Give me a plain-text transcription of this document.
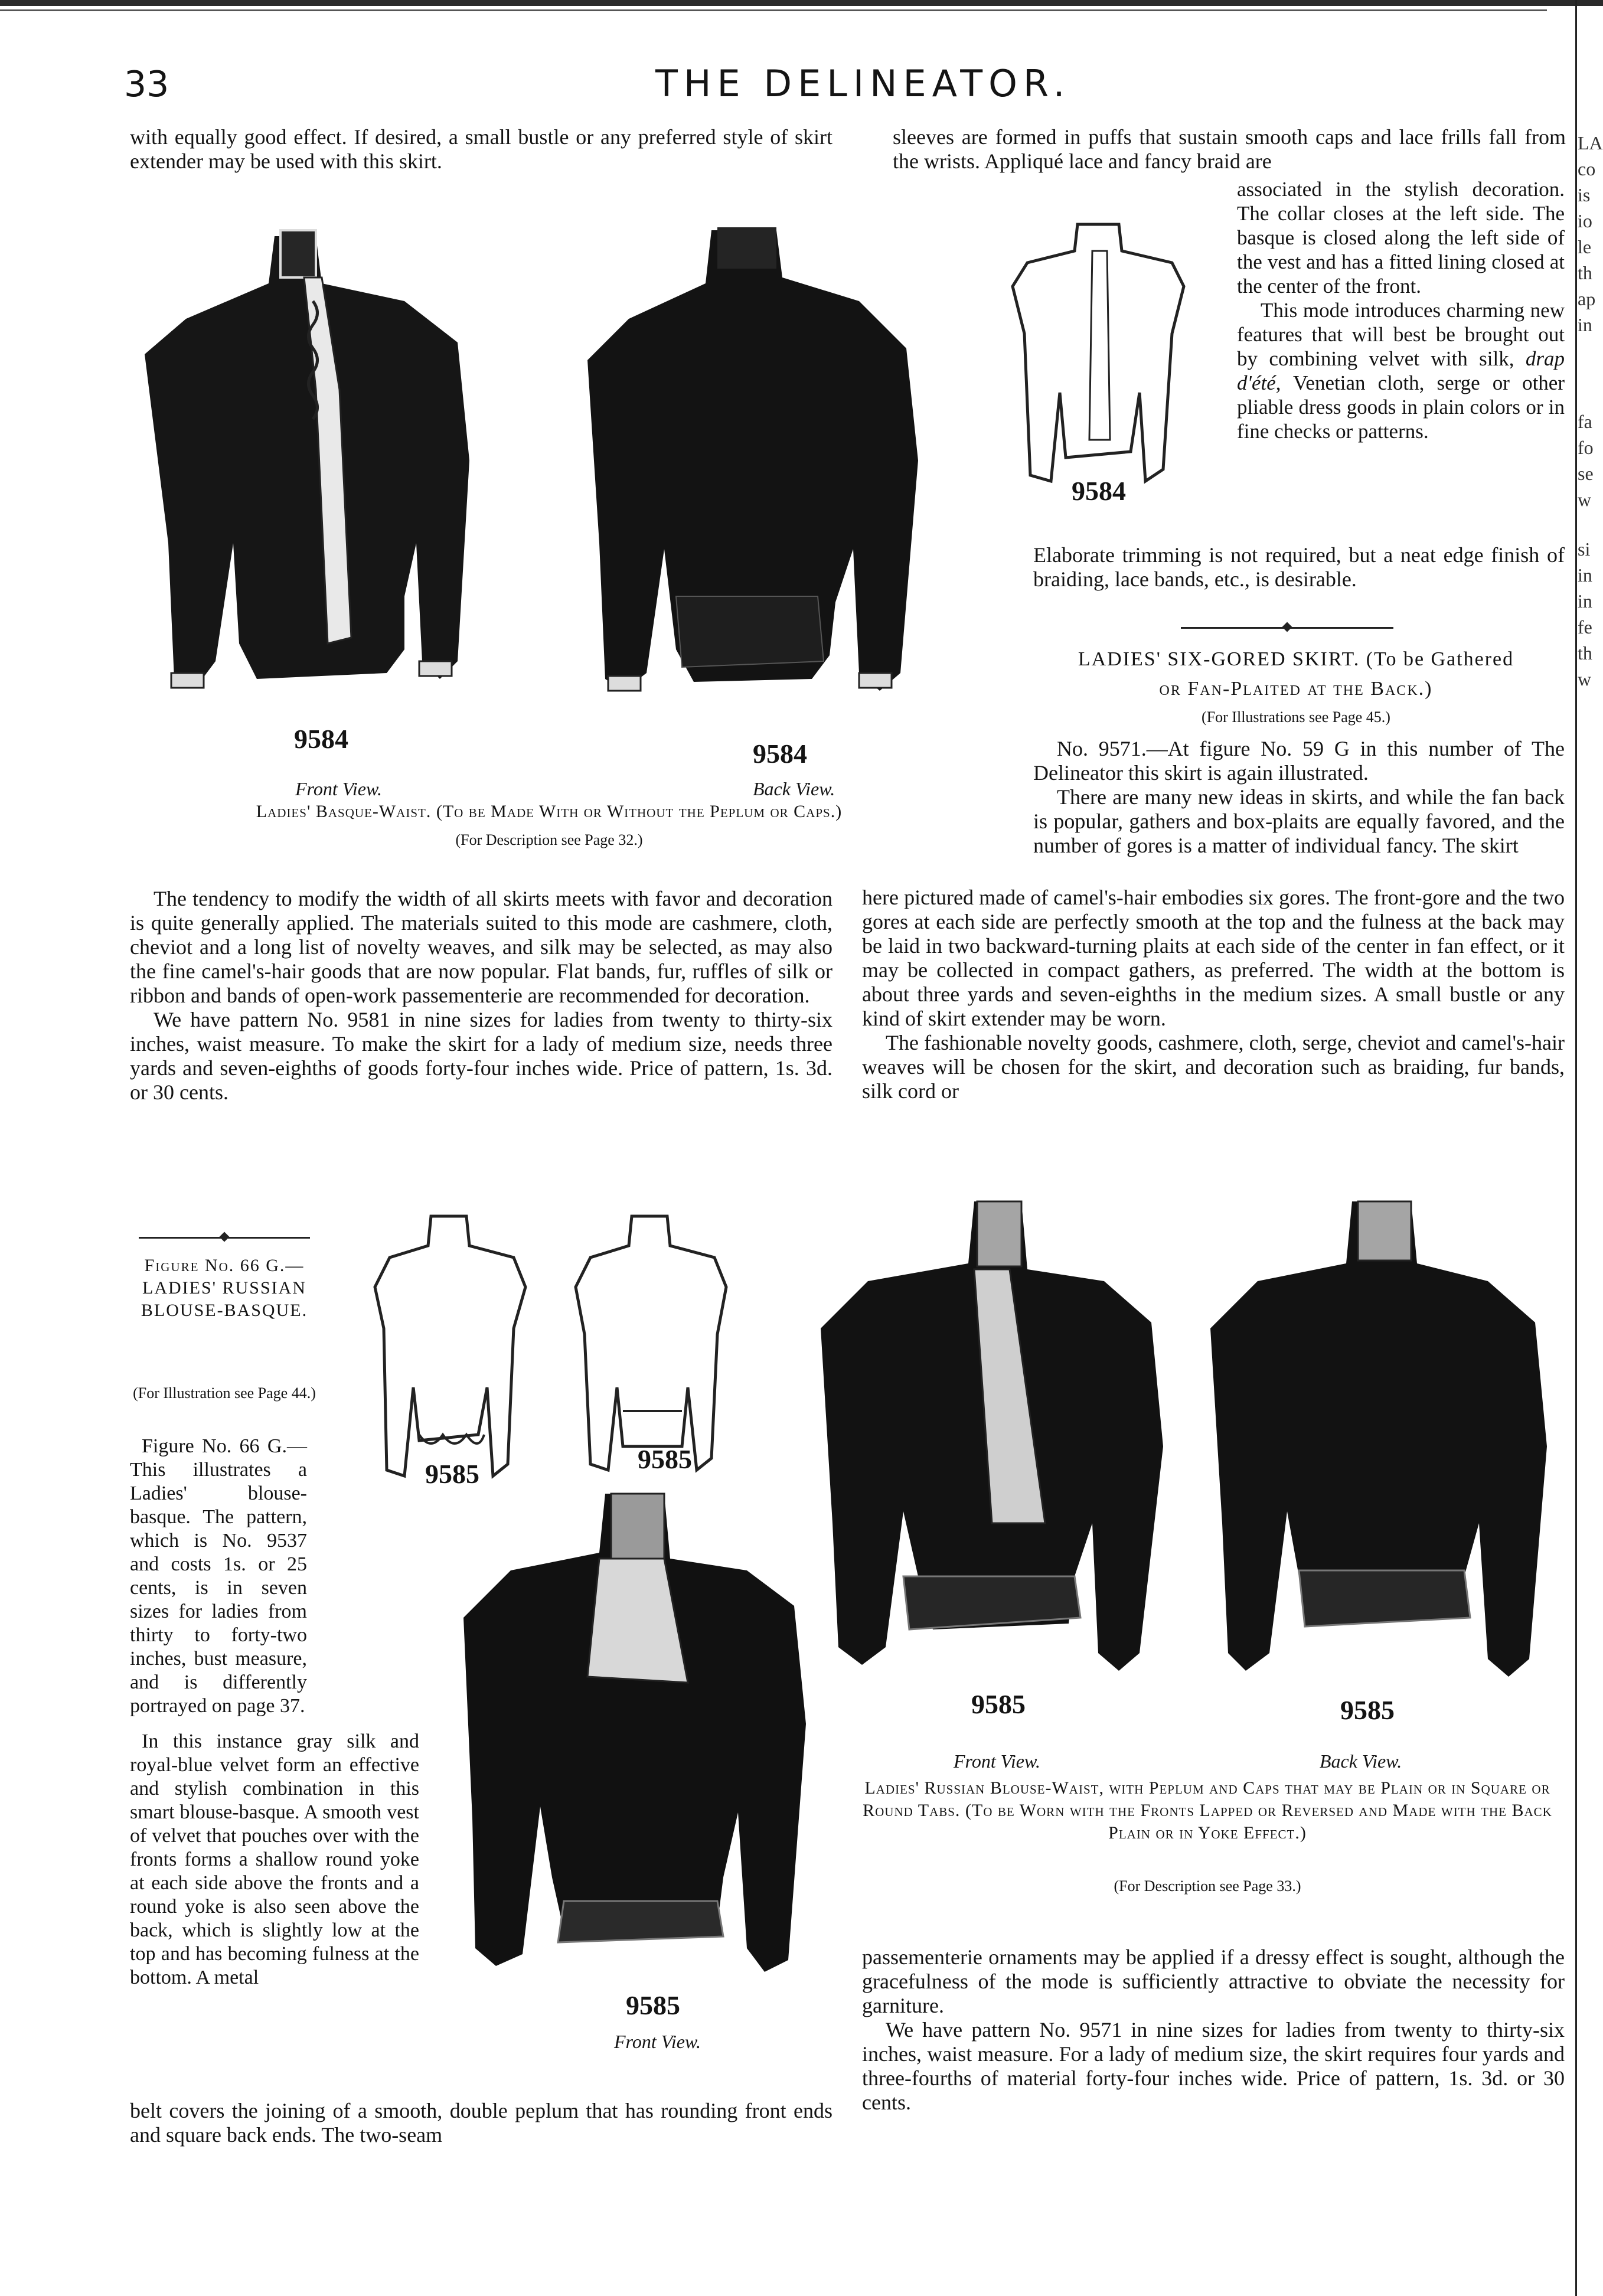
33	THE DELINEATOR.
with equally good effect. If desired, a small bustle or any preferred style of skirt extender may be used with this skirt.
9584
sleeves are formed in puffs that sustain smooth caps and lace frills fall from the wrists. Appliqué lace and fancy braid are
associated in the stylish decoration. The collar closes at the left side. The basque is closed along the left side of the vest and has a fitted lining closed at the center of the front.
This mode introduces charming new features that will best be brought out by combining velvet with silk, drap d'été, Venetian cloth, serge or other pliable dress goods in plain colors or in fine checks or patterns.
Elaborate trimming is not required, but a neat edge finish of braiding, lace bands, etc., is desirable.
9584	9584
Front View.	Back View.
Ladies' Basque-Waist. (To be Made With or Without the Peplum or Caps.)
(For Description see Page 32.)
LADIES' SIX-GORED SKIRT. (To be Gathered
or Fan-Plaited at the Back.)
(For Illustrations see Page 45.)

No. 9571.—At figure No. 59 G in this number of The Delineator this skirt is again illustrated.

There are many new ideas in skirts, and while the fan back is popular, gathers and box-plaits are equally favored, and the number of gores is a matter of individual fancy. The skirt

here pictured made of camel's-hair embodies six gores. The front-gore and the two gores at each side are perfectly smooth at the top and the fulness at the back may be laid in two backward-turning plaits at each side of the center in fan effect, or it may be collected in compact gathers, as preferred. The width at the bottom is about three yards and seven-eighths in the medium sizes. A small bustle or any kind of skirt extender may be worn.

The fashionable novelty goods, cashmere, cloth, serge, cheviot and camel's-hair weaves will be chosen for the skirt, and decoration such as braiding, fur bands, silk cord or

The tendency to modify the width of all skirts meets with favor and decoration is quite generally applied. The materials suited to this mode are cashmere, cloth, cheviot and a long list of novelty weaves, and silk may be selected, as may also the fine camel's-hair goods that are now popular. Flat bands, fur, ruffles of silk or ribbon and bands of open-work passementerie are recommended for decoration.

We have pattern No. 9581 in nine sizes for ladies from twenty to thirty-six inches, waist measure. To make the skirt for a lady of medium size, needs three yards and seven-eighths of goods forty-four inches wide. Price of pattern, 1s. 3d. or 30 cents.

Figure No. 66 G.—LADIES' RUSSIAN BLOUSE-BASQUE.
(For Illustration see Page 44.)

Figure No. 66 G.—This illustrates a Ladies' blouse-basque. The pattern, which is No. 9537 and costs 1s. or 25 cents, is in seven sizes for ladies from thirty to forty-two inches, bust measure, and is differently portrayed on page 37.

In this instance gray silk and royal-blue velvet form an effective and stylish combination in this smart blouse-basque. A smooth vest of velvet that pouches over with the fronts forms a shallow round yoke at each side above the fronts and a round yoke is also seen above the back, which is slightly low at the top and has becoming fulness at the bottom. A metal

belt covers the joining of a smooth, double peplum that has rounding front ends and square back ends. The two-seam
9585	9585
9585
Front View.
9585	9585
Front View.	Back View.
Ladies' Russian Blouse-Waist, with Peplum and Caps that may be Plain or in Square or Round Tabs. (To be Worn with the Fronts Lapped or Reversed and Made with the Back Plain or in Yoke Effect.)
(For Description see Page 33.)

passementerie ornaments may be applied if a dressy effect is sought, although the gracefulness of the mode is sufficiently attractive to obviate the necessity for garniture.

We have pattern No. 9571 in nine sizes for ladies from twenty to thirty-six inches, waist measure. For a lady of medium size, the skirt requires four yards and three-fourths of material forty-four inches wide. Price of pattern, 1s. 3d. or 30 cents.

LA
co
is
io
le
th
ap
in
fa
fo
se
w
si
in
in
fe
th
w
